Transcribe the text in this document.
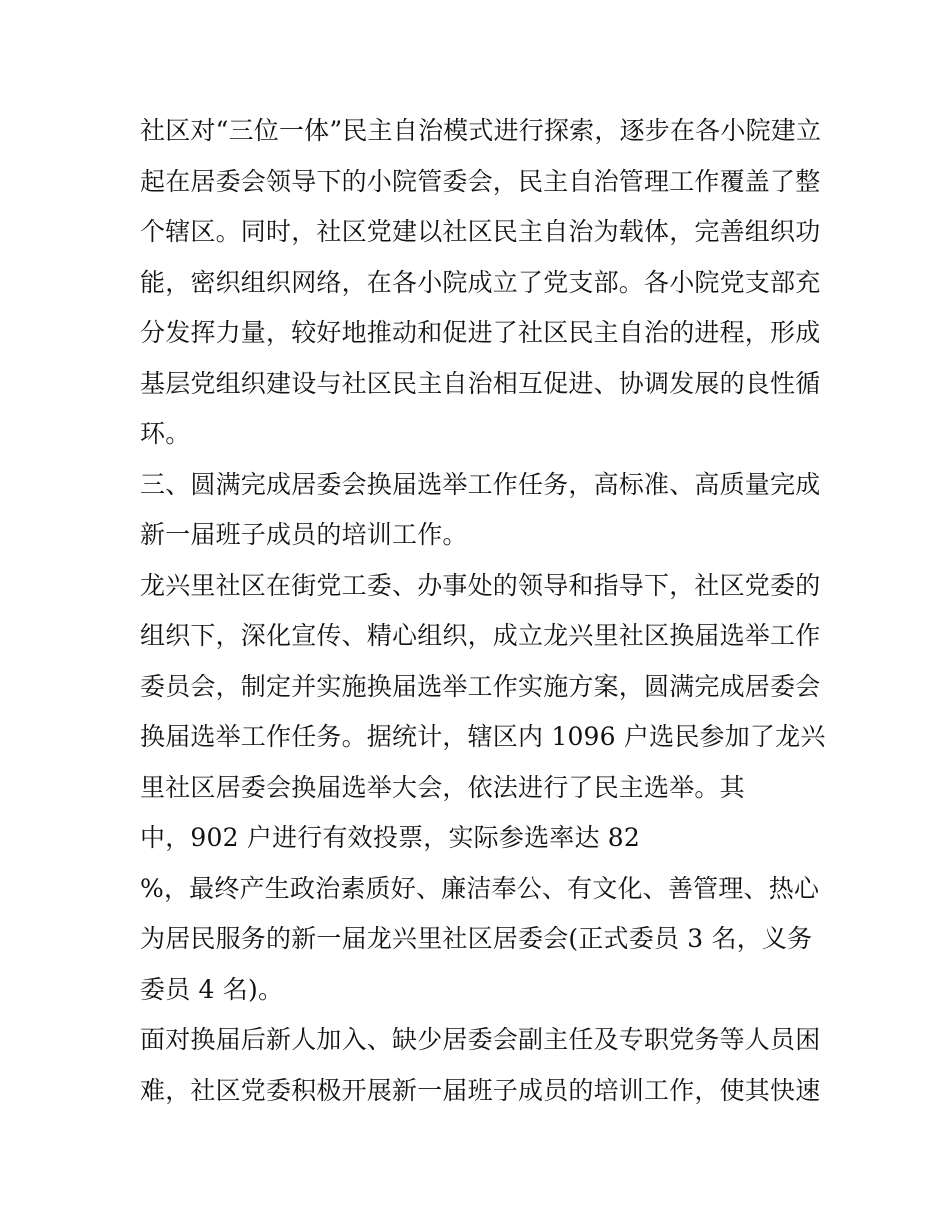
社区对“三位一体”民主自治模式进行探索，逐步在各小院建立
起在居委会领导下的小院管委会，民主自治管理工作覆盖了整
个辖区。同时，社区党建以社区民主自治为载体，完善组织功
能，密织组织网络，在各小院成立了党支部。各小院党支部充
分发挥力量，较好地推动和促进了社区民主自治的进程，形成
基层党组织建设与社区民主自治相互促进、协调发展的良性循
环。
三、圆满完成居委会换届选举工作任务，高标准、高质量完成
新一届班子成员的培训工作。
龙兴里社区在街党工委、办事处的领导和指导下，社区党委的
组织下，深化宣传、精心组织，成立龙兴里社区换届选举工作
委员会，制定并实施换届选举工作实施方案，圆满完成居委会
换届选举工作任务。据统计，辖区内 1096 户选民参加了龙兴
里社区居委会换届选举大会，依法进行了民主选举。其
中，902 户进行有效投票，实际参选率达 82
%，最终产生政治素质好、廉洁奉公、有文化、善管理、热心
为居民服务的新一届龙兴里社区居委会(正式委员 3 名，义务
委员 4 名)。
面对换届后新人加入、缺少居委会副主任及专职党务等人员困
难，社区党委积极开展新一届班子成员的培训工作，使其快速
